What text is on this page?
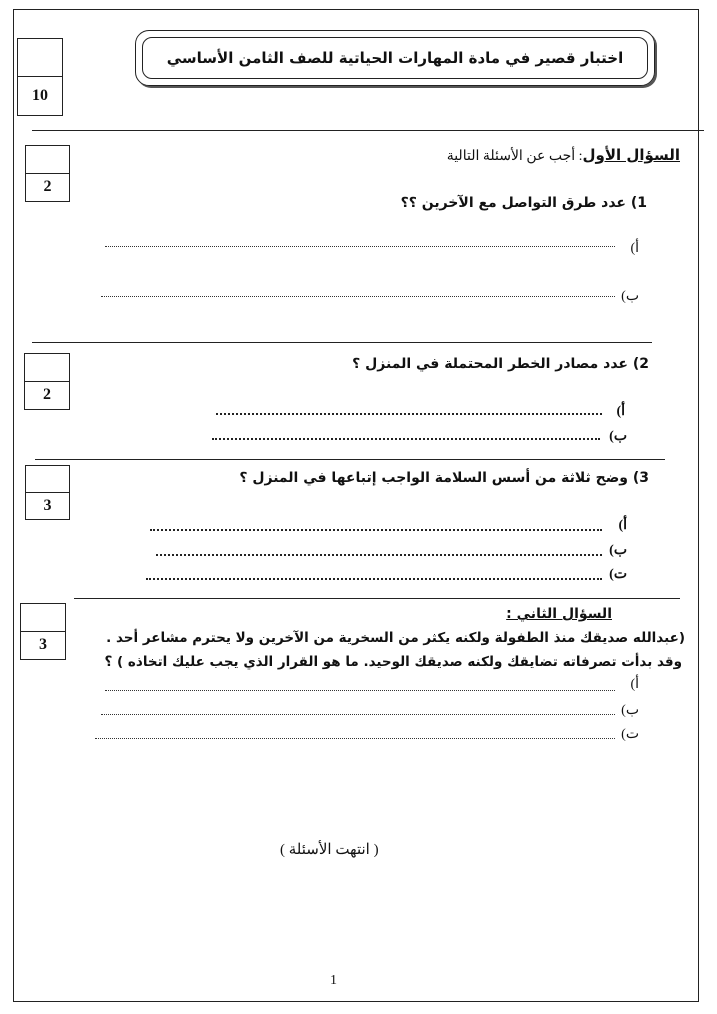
10
اختبار قصير في مادة المهارات الحياتية للصف الثامن الأساسي
2
السؤال الأول: أجب عن الأسئلة التالية
1) عدد طرق التواصل مع الآخرين ؟؟
أ)
ب)
2
2) عدد مصادر الخطر المحتملة في المنزل ؟
أ)
ب)
3
3) وضح ثلاثة من أسس السلامة الواجب إتباعها في المنزل ؟
أ)
ب)
ت)
3
السؤال الثاني :
(عبدالله صديقك منذ الطفولة ولكنه يكثر من السخرية من الآخرين ولا يحترم مشاعر أحد .
وقد بدأت تصرفاته تضايقك ولكنه صديقك الوحيد. ما هو القرار الذي يجب عليك اتخاذه ) ؟
أ)
ب)
ت)
( انتهت الأسئلة )
1
